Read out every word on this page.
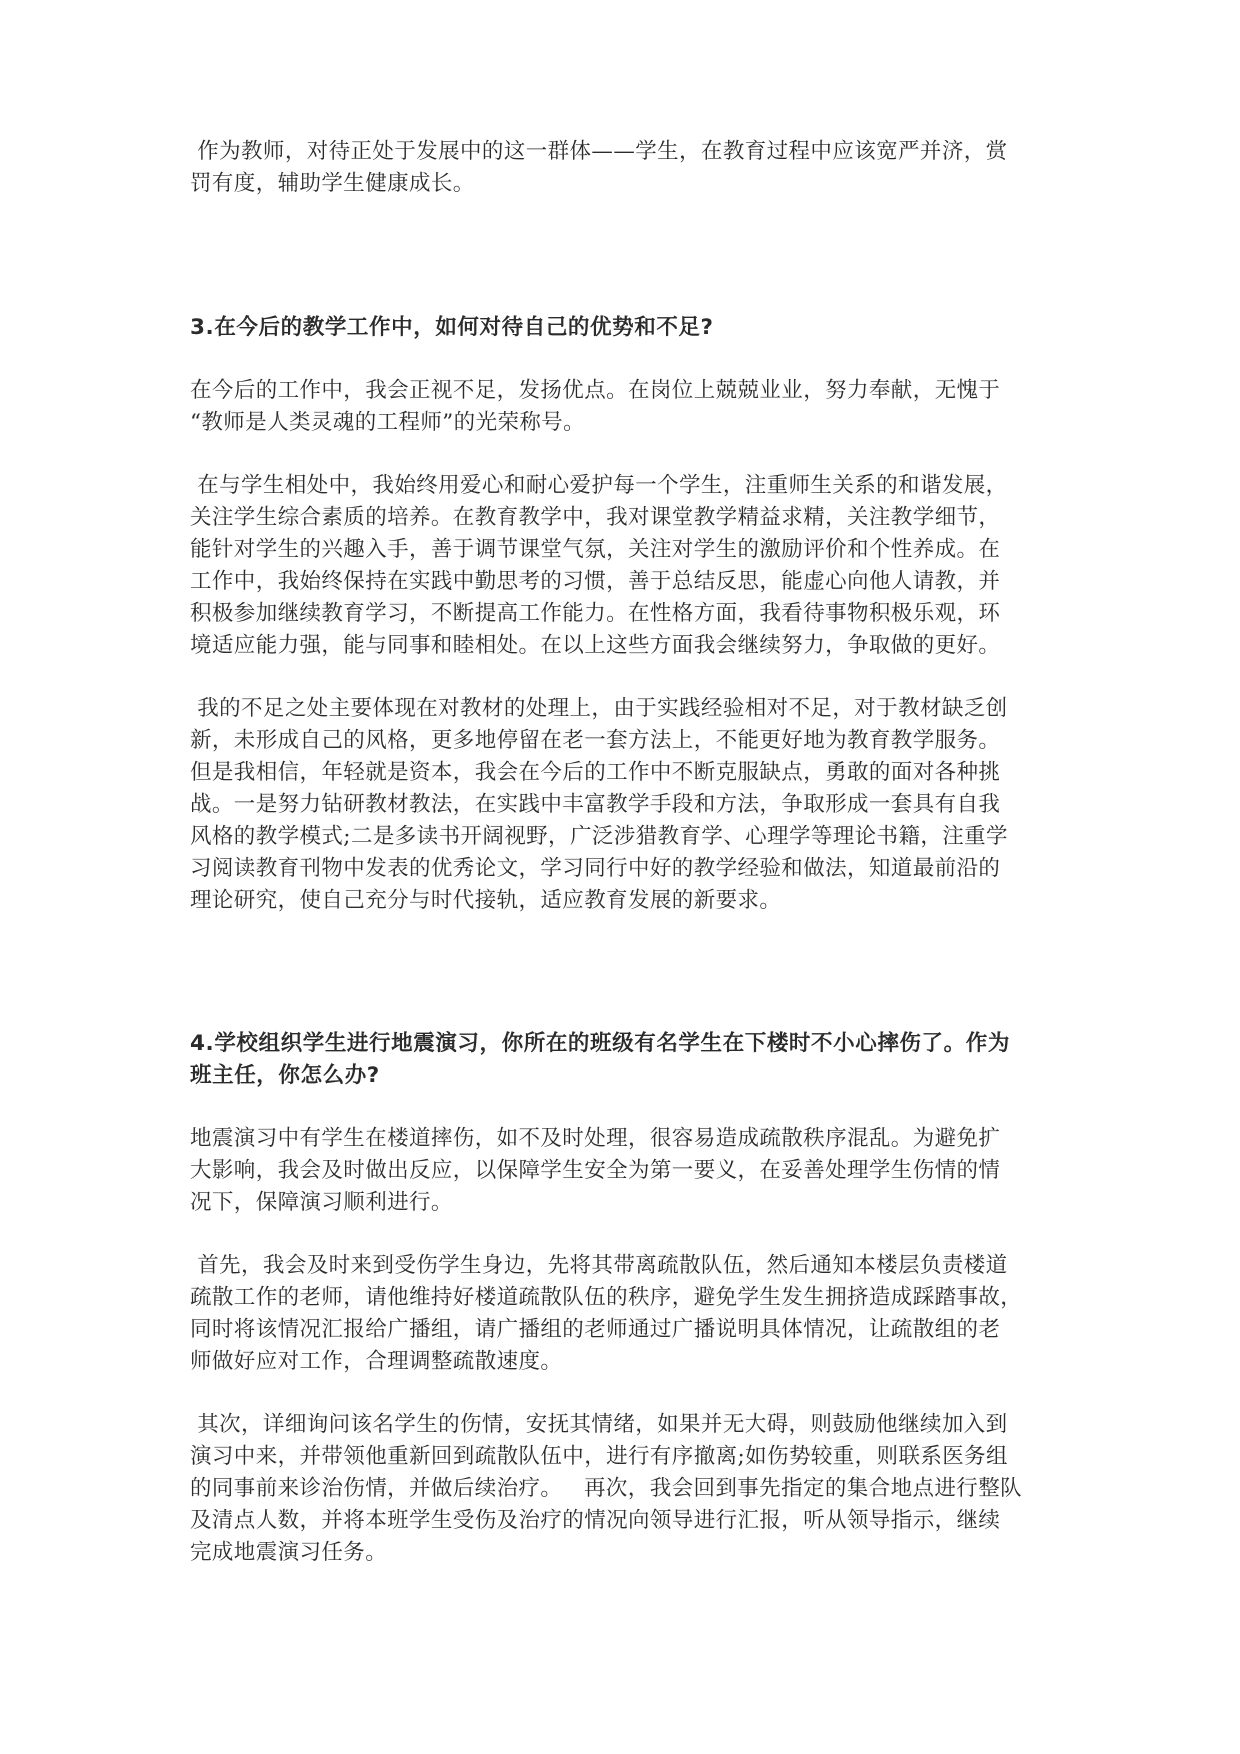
作为教师，对待正处于发展中的这一群体——学生，在教育过程中应该宽严并济，赏
罚有度，辅助学生健康成长。
3.在今后的教学工作中，如何对待自己的优势和不足?
在今后的工作中，我会正视不足，发扬优点。在岗位上兢兢业业，努力奉献，无愧于
“教师是人类灵魂的工程师”的光荣称号。
在与学生相处中，我始终用爱心和耐心爱护每一个学生，注重师生关系的和谐发展，
关注学生综合素质的培养。在教育教学中，我对课堂教学精益求精，关注教学细节，
能针对学生的兴趣入手，善于调节课堂气氛，关注对学生的激励评价和个性养成。在
工作中，我始终保持在实践中勤思考的习惯，善于总结反思，能虚心向他人请教，并
积极参加继续教育学习，不断提高工作能力。在性格方面，我看待事物积极乐观，环
境适应能力强，能与同事和睦相处。在以上这些方面我会继续努力，争取做的更好。
我的不足之处主要体现在对教材的处理上，由于实践经验相对不足，对于教材缺乏创
新，未形成自己的风格，更多地停留在老一套方法上，不能更好地为教育教学服务。
但是我相信，年轻就是资本，我会在今后的工作中不断克服缺点，勇敢的面对各种挑
战。一是努力钻研教材教法，在实践中丰富教学手段和方法，争取形成一套具有自我
风格的教学模式;二是多读书开阔视野，广泛涉猎教育学、心理学等理论书籍，注重学
习阅读教育刊物中发表的优秀论文，学习同行中好的教学经验和做法，知道最前沿的
理论研究，使自己充分与时代接轨，适应教育发展的新要求。
4.学校组织学生进行地震演习，你所在的班级有名学生在下楼时不小心摔伤了。作为
班主任，你怎么办?
地震演习中有学生在楼道摔伤，如不及时处理，很容易造成疏散秩序混乱。为避免扩
大影响，我会及时做出反应，以保障学生安全为第一要义，在妥善处理学生伤情的情
况下，保障演习顺利进行。
首先，我会及时来到受伤学生身边，先将其带离疏散队伍，然后通知本楼层负责楼道
疏散工作的老师，请他维持好楼道疏散队伍的秩序，避免学生发生拥挤造成踩踏事故，
同时将该情况汇报给广播组，请广播组的老师通过广播说明具体情况，让疏散组的老
师做好应对工作，合理调整疏散速度。
其次，详细询问该名学生的伤情，安抚其情绪，如果并无大碍，则鼓励他继续加入到
演习中来，并带领他重新回到疏散队伍中，进行有序撤离;如伤势较重，则联系医务组
的同事前来诊治伤情，并做后续治疗。   再次，我会回到事先指定的集合地点进行整队
及清点人数，并将本班学生受伤及治疗的情况向领导进行汇报，听从领导指示，继续
完成地震演习任务。
